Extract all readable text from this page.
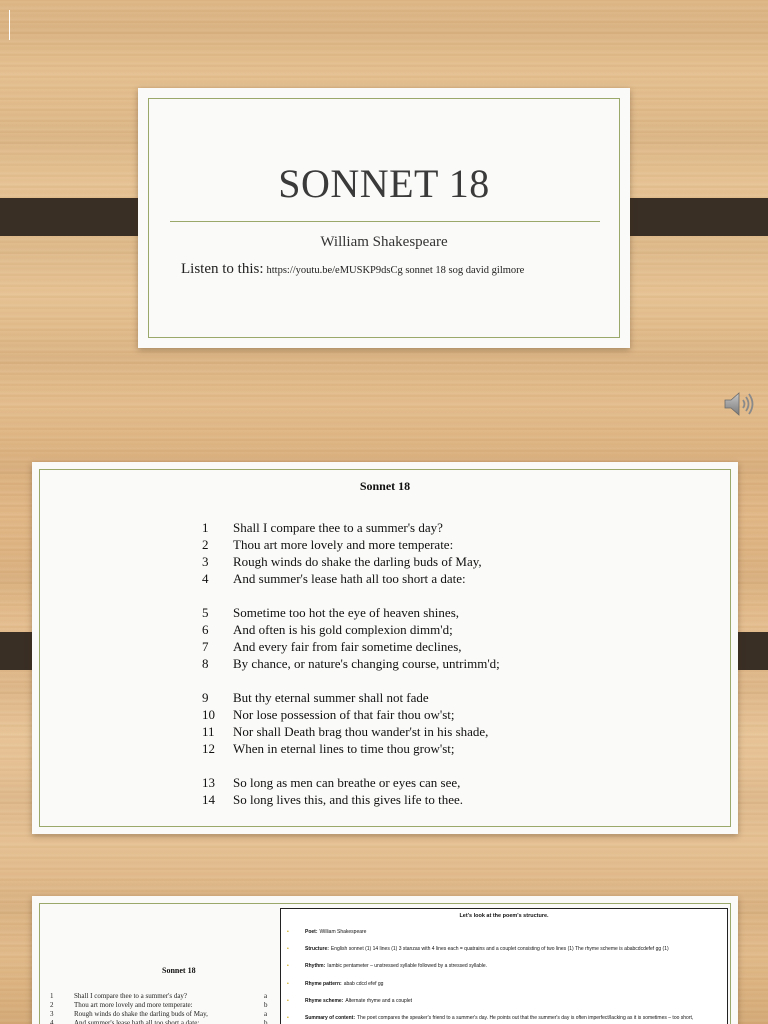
SONNET 18
William Shakespeare
Listen to this: https://youtu.be/eMUSKP9dsCg sonnet 18 sog david gilmore
Sonnet 18
1	Shall I compare thee to a summer's day?
2	Thou art more lovely and more temperate:
3	Rough winds do shake the darling buds of May,
4	And summer's lease hath all too short a date:
5	Sometime too hot the eye of heaven shines,
6	And often is his gold complexion dimm'd;
7	And every fair from fair sometime declines,
8	By chance, or nature's changing course, untrimm'd;
9	But thy eternal summer shall not fade
10	Nor lose possession of that fair thou ow'st;
11	Nor shall Death brag thou wander'st in his shade,
12	When in eternal lines to time thou grow'st;
13	So long as men can breathe or eyes can see,
14	So long lives this, and this gives life to thee.
Sonnet 18
1	Shall I compare thee to a summer's day?	a
2	Thou art more lovely and more temperate:	b
3	Rough winds do shake the darling buds of May,	a
4	And summer's lease hath all too short a date:	b
Let's look at the poem's structure.
•	Poet: William Shakespeare
•	Structure: English sonnet (1) 14 lines (1) 3 stanzas with 4 lines each = quatrains and a couplet consisting of two lines (1) The rhyme scheme is ababcdcdefef gg (1)
•	Rhythm: Iambic pentameter – unstressed syllable followed by a stressed syllable.
•	Rhyme pattern: abab cdcd efef gg
•	Rhyme scheme: Alternate rhyme and a couplet
•	Summary of content: The poet compares the speaker's friend to a summer's day. He points out that the summer's day is often imperfect/lacking as it is sometimes – too short,
